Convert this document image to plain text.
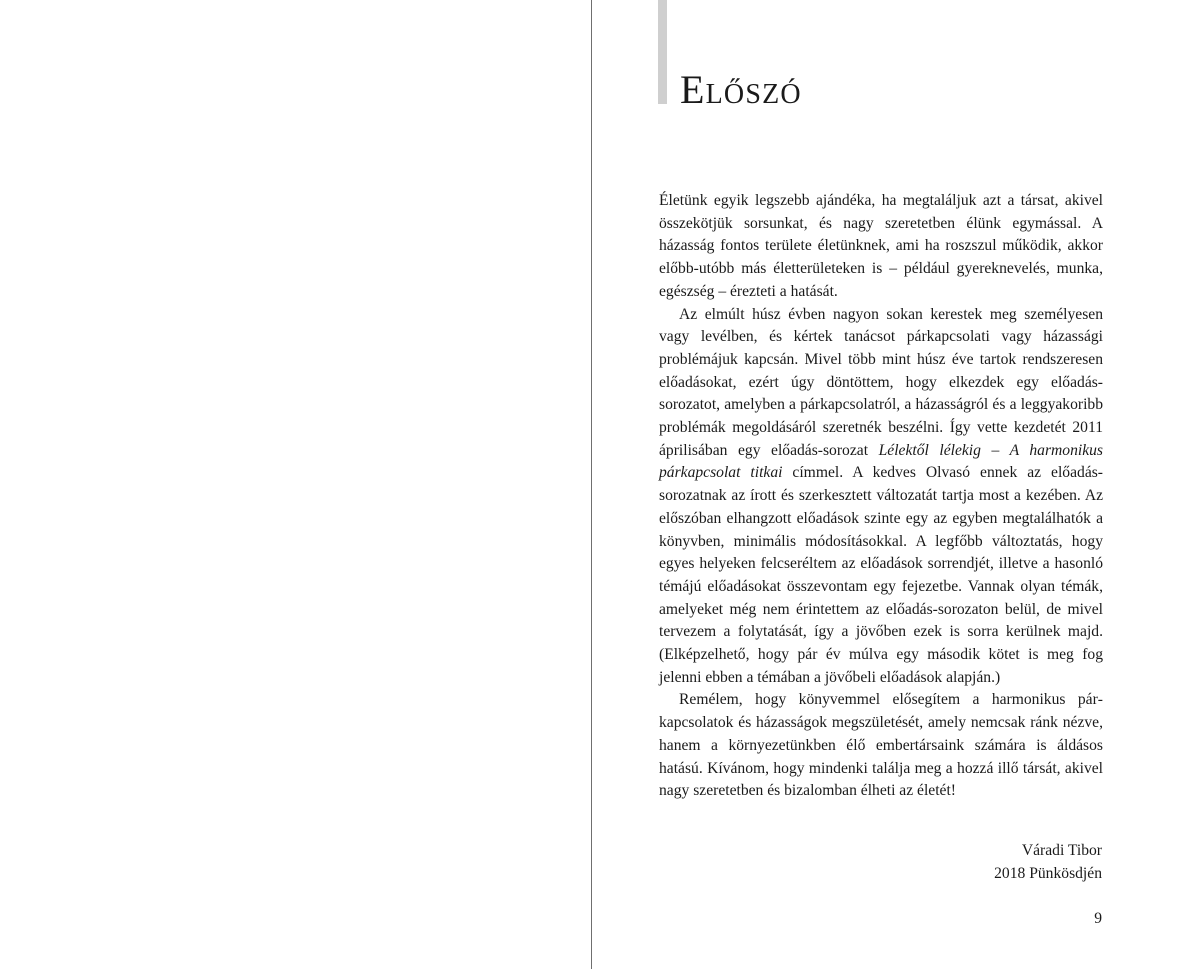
Előszó

Életünk egyik legszebb ajándéka, ha megtaláljuk azt a társat, akivel összekötjük sorsunkat, és nagy szeretetben élünk egymással. A házasság fontos területe életünknek, ami ha roszszul működik, akkor előbb-utóbb más életterületeken is – például gyereknevelés, munka, egészség – érezteti a hatását.

Az elmúlt húsz évben nagyon sokan kerestek meg személyesen vagy levélben, és kértek tanácsot párkapcsolati vagy házassági problémájuk kapcsán. Mivel több mint húsz éve tartok rendszeresen előadásokat, ezért úgy döntöttem, hogy elkezdek egy előadás-sorozatot, amelyben a párkapcsolatról, a házasságról és a leggyakoribb problémák megoldásáról szeretnék beszélni. Így vette kezdetét 2011 áprilisában egy előadás-sorozat Lélektől lélekig – A harmonikus párkapcsolat titkai címmel. A kedves Olvasó ennek az előadás-sorozatnak az írott és szerkesztett változatát tartja most a kezében. Az előszóban elhangzott előadások szinte egy az egyben megtalálhatók a könyvben, minimális módosításokkal. A legfőbb változtatás, hogy egyes helyeken felcseréltem az előadások sorrendjét, illetve a hasonló témájú előadásokat összevontam egy fejezetbe. Vannak olyan témák, amelyeket még nem érintettem az előadás-sorozaton belül, de mivel tervezem a folytatását, így a jövőben ezek is sorra kerülnek majd. (Elképzelhető, hogy pár év múlva egy második kötet is meg fog jelenni ebben a témában a jövőbeli előadások alapján.)

Remélem, hogy könyvemmel elősegítem a harmonikus párkapcsolatok és házasságok megszületését, amely nemcsak ránk nézve, hanem a környezetünkben élő embertársaink számára is áldásos hatású. Kívánom, hogy mindenki találja meg a hozzá illő társát, akivel nagy szeretetben és bizalomban élheti az életét!

Váradi Tibor
2018 Pünkösdjén
9
